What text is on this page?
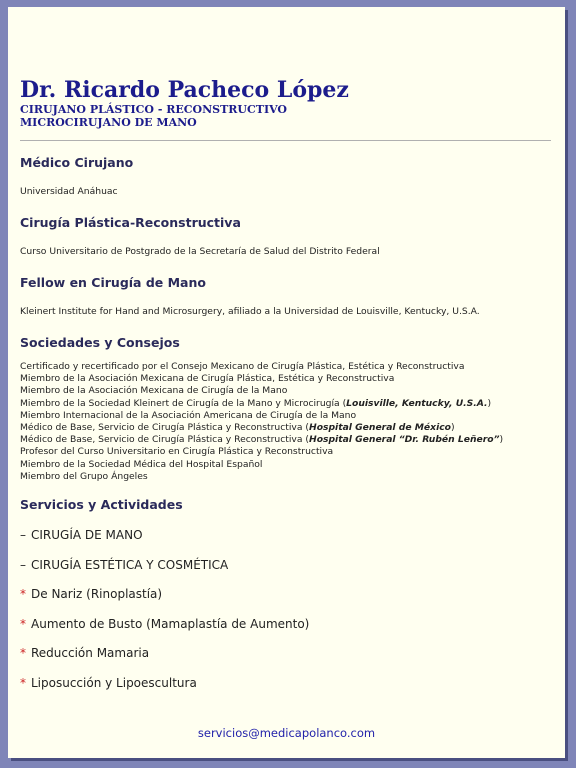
Dr. Ricardo Pacheco López
CIRUJANO PLÁSTICO - RECONSTRUCTIVO
MICROCIRUJANO DE MANO
Médico Cirujano
Universidad Anáhuac
Cirugía Plástica-Reconstructiva
Curso Universitario de Postgrado de la Secretaría de Salud del Distrito Federal
Fellow en Cirugía de Mano
Kleinert Institute for Hand and Microsurgery, afiliado a la Universidad de Louisville, Kentucky, U.S.A.
Sociedades y Consejos
Certificado y recertificado por el Consejo Mexicano de Cirugía Plástica, Estética y Reconstructiva
Miembro de la Asociación Mexicana de Cirugía Plástica, Estética y Reconstructiva
Miembro de la Asociación Mexicana de Cirugía de la Mano
Miembro de la Sociedad Kleinert de Cirugía de la Mano y Microcirugía (Louisville, Kentucky, U.S.A.)
Miembro Internacional de la Asociación Americana de Cirugía de la Mano
Médico de Base, Servicio de Cirugía Plástica y Reconstructiva (Hospital General de México)
Médico de Base, Servicio de Cirugía Plástica y Reconstructiva (Hospital General “Dr. Rubén Leñero”)
Profesor del Curso Universitario en Cirugía Plástica y Reconstructiva
Miembro de la Sociedad Médica del Hospital Español
Miembro del Grupo Ángeles
Servicios y Actividades
– CIRUGÍA DE MANO
– CIRUGÍA ESTÉTICA Y COSMÉTICA
* De Nariz (Rinoplastía)
* Aumento de Busto (Mamaplastía de Aumento)
* Reducción Mamaria
* Liposucción y Lipoescultura
servicios@medicapolanco.com
